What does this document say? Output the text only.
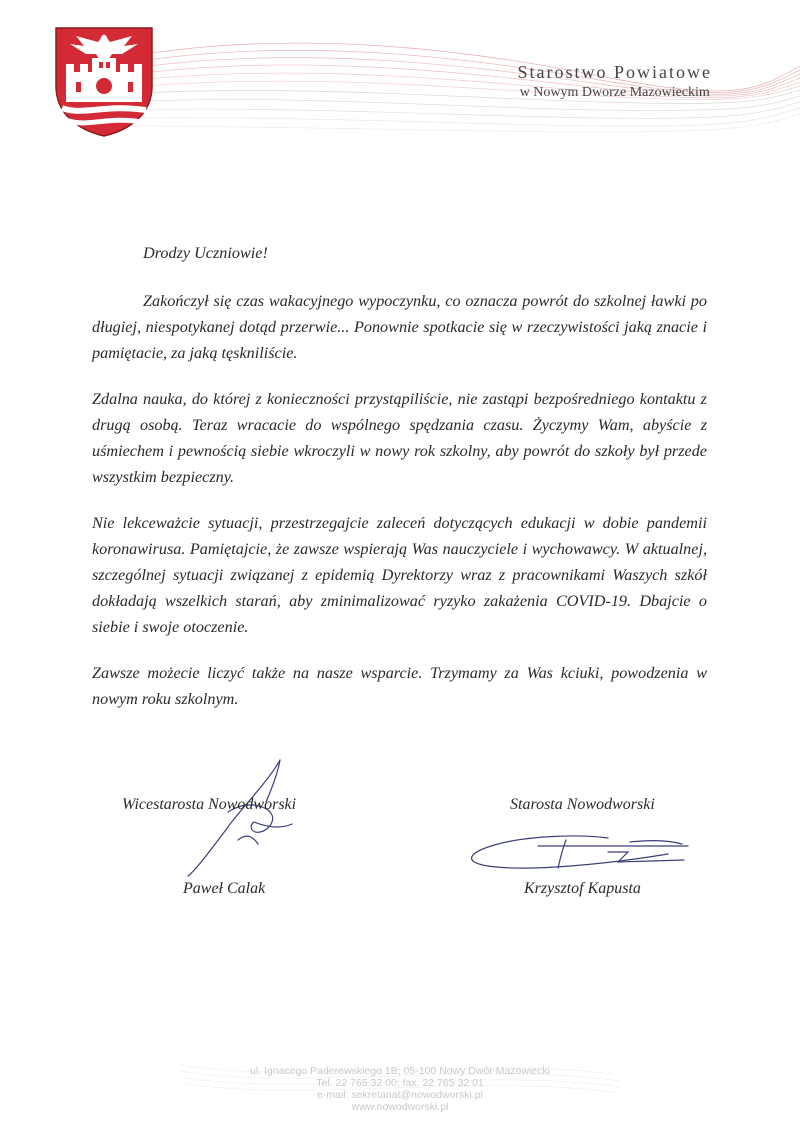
Starostwo Powiatowe
w Nowym Dworze Mazowieckim

Drodzy Uczniowie!

Zakończył się czas wakacyjnego wypoczynku, co oznacza powrót do szkolnej ławki po długiej, niespotykanej dotąd przerwie... Ponownie spotkacie się w rzeczywistości jaką znacie i pamiętacie, za jaką tęskniliście.

Zdalna nauka, do której z konieczności przystąpiliście, nie zastąpi bezpośredniego kontaktu z drugą osobą. Teraz wracacie do wspólnego spędzania czasu. Życzymy Wam, abyście z uśmiechem i pewnością siebie wkroczyli w nowy rok szkolny, aby powrót do szkoły był przede wszystkim bezpieczny.

Nie lekceważcie sytuacji, przestrzegajcie zaleceń dotyczących edukacji w dobie pandemii koronawirusa. Pamiętajcie, że zawsze wspierają Was nauczyciele i wychowawcy. W aktualnej, szczególnej sytuacji związanej z epidemią Dyrektorzy wraz z pracownikami Waszych szkół dokładają wszelkich starań, aby zminimalizować ryzyko zakażenia COVID-19. Dbajcie o siebie i swoje otoczenie.

Zawsze możecie liczyć także na nasze wsparcie. Trzymamy za Was kciuki, powodzenia w nowym roku szkolnym.

Wicestarosta Nowodworski
Paweł Calak
Starosta Nowodworski
Krzysztof Kapusta
ul. Ignacego Paderewskiego 1B; 05-100 Nowy Dwór Mazowiecki
Tel. 22 765 32 00; fax. 22 765 32 01
e-mail: sekretariat@nowodworski.pl
www.nowodworski.pl
